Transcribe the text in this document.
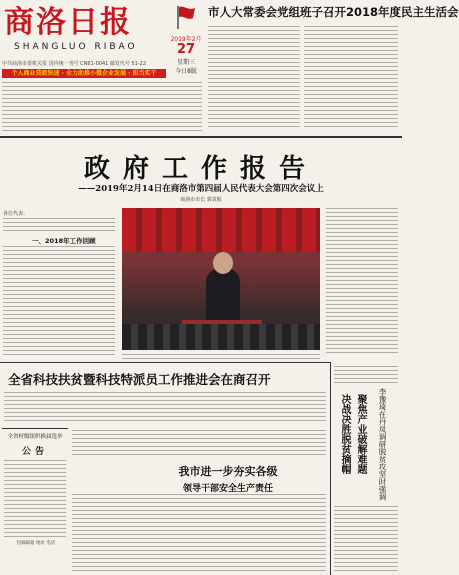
商洛日报
SHANGLUO RIBAO
2019年2月
27
星期三
今日8版
市人大常委会党组班子召开2018年度民主生活会
中共商洛市委机关报 国内统一刊号 CN61-0041 邮发代号 51-22
个人商业贷款快速 · 全力助推小微企业发展 · 担当实干
政府工作报告
——2019年2月14日在商洛市第四届人民代表大会第四次会议上
商洛市市长 郭袁航
各位代表：
一、2018年工作回顾
全省科技扶贫暨科技特派员工作推进会在商召开
全省村级组织换届选举
公告
投稿邮箱 地址 电话
我市进一步夯实各级
领导干部安全生产责任	李豫琦在丹凤调研脱贫攻坚时强调
聚焦产业破解难题
决战决胜脱贫摘帽
